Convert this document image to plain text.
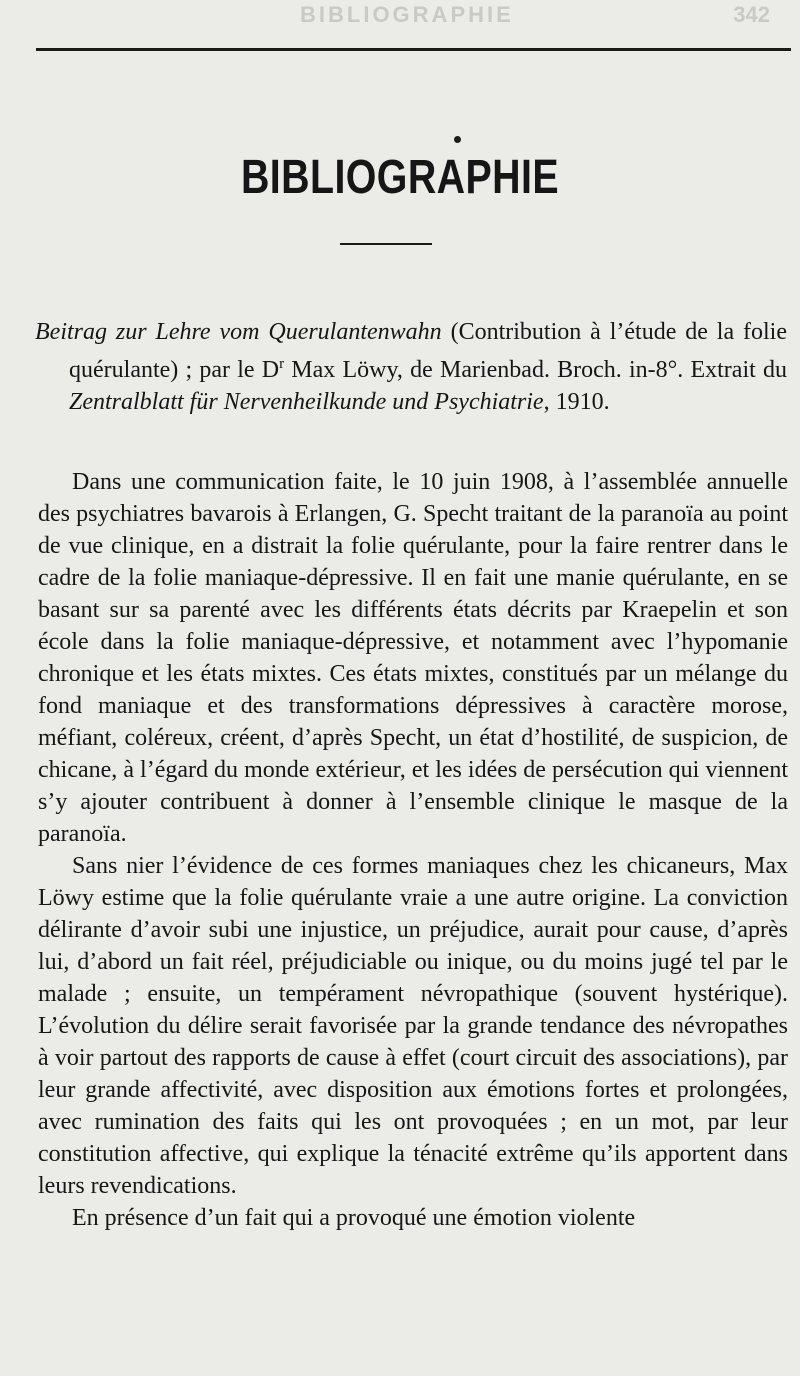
BIBLIOGRAPHIE	342
BIBLIOGRAPHIE
Beitrag zur Lehre vom Querulantenwahn (Contribution à l’étude de la folie quérulante) ; par le $D^r$ Max Löwy, de Marienbad. Broch. in-8°. Extrait du Zentralblatt für Nervenheilkunde und Psychiatrie, 1910.

Dans une communication faite, le 10 juin 1908, à l’assemblée annuelle des psychiatres bavarois à Erlangen, G. Specht traitant de la paranoïa au point de vue clinique, en a distrait la folie quérulante, pour la faire rentrer dans le cadre de la folie maniaque-dépressive. Il en fait une manie quérulante, en se basant sur sa parenté avec les différents états décrits par Kraepelin et son école dans la folie maniaque-dépressive, et notamment avec l’hypomanie chronique et les états mixtes. Ces états mixtes, constitués par un mélange du fond maniaque et des transformations dépressives à caractère morose, méfiant, coléreux, créent, d’après Specht, un état d’hostilité, de suspicion, de chicane, à l’égard du monde extérieur, et les idées de persécution qui viennent s’y ajouter contribuent à donner à l’ensemble clinique le masque de la paranoïa.

Sans nier l’évidence de ces formes maniaques chez les chicaneurs, Max Löwy estime que la folie quérulante vraie a une autre origine. La conviction délirante d’avoir subi une injustice, un préjudice, aurait pour cause, d’après lui, d’abord un fait réel, préjudiciable ou inique, ou du moins jugé tel par le malade ; ensuite, un tempérament névropathique (souvent hystérique). L’évolution du délire serait favorisée par la grande tendance des névropathes à voir partout des rapports de cause à effet (court circuit des associations), par leur grande affectivité, avec disposition aux émotions fortes et prolongées, avec rumination des faits qui les ont provoquées ; en un mot, par leur constitution affective, qui explique la ténacité extrême qu’ils apportent dans leurs revendications.

En présence d’un fait qui a provoqué une émotion violente
